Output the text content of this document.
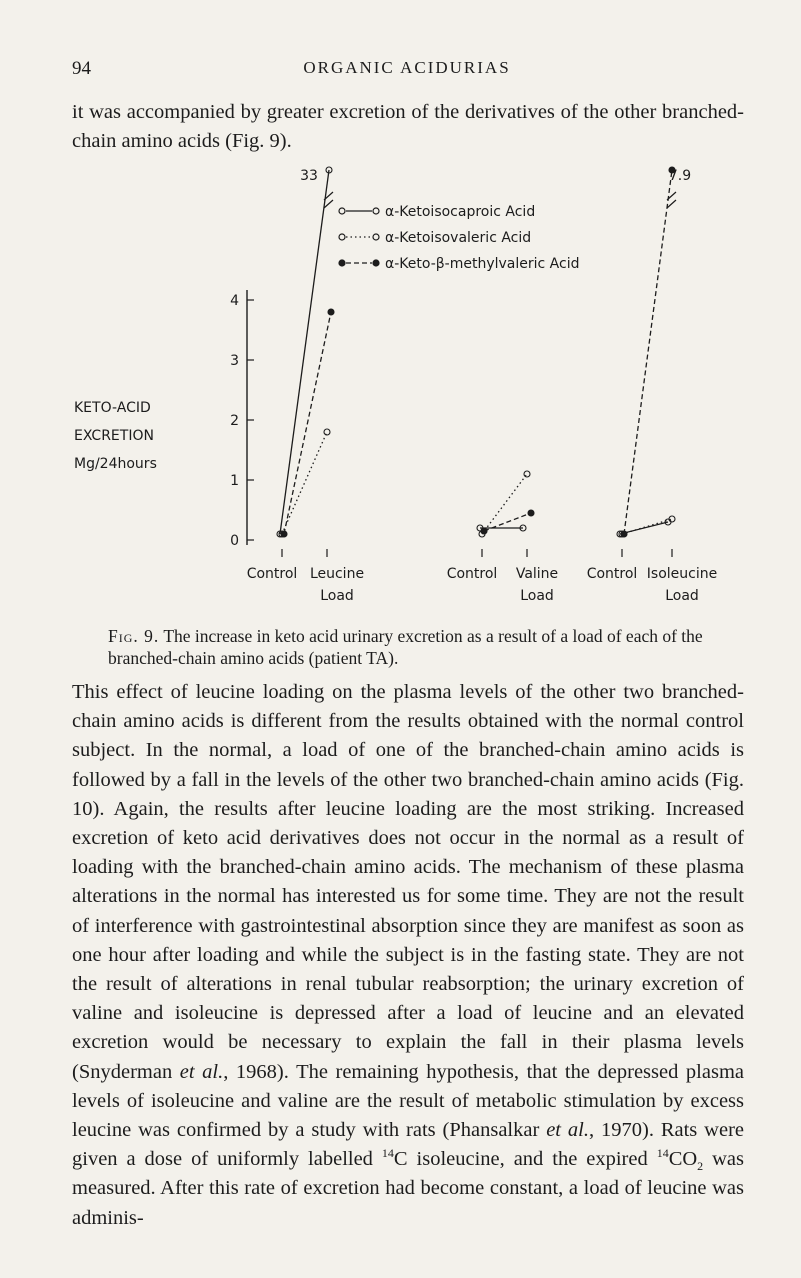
94	ORGANIC ACIDURIAS

it was accompanied by greater excretion of the derivatives of the other branched-chain amino acids (Fig. 9).

KETO-ACID
EXCRETION
Mg/24hours
0
1
2
3
4
α-Ketoisocaproic Acid
α-Ketoisovaleric Acid
α-Keto-β-methylvaleric Acid
Control Leucine
Load
Control Valine
Load
Control Isoleucine
Load
33	7.9

Fig. 9. The increase in keto acid urinary excretion as a result of a load of each of the branched-chain amino acids (patient TA).

This effect of leucine loading on the plasma levels of the other two branched-chain amino acids is different from the results obtained with the normal control subject. In the normal, a load of one of the branched-chain amino acids is followed by a fall in the levels of the other two branched-chain amino acids (Fig. 10). Again, the results after leucine loading are the most striking. Increased excretion of keto acid derivatives does not occur in the normal as a result of loading with the branched-chain amino acids. The mechanism of these plasma alterations in the normal has interested us for some time. They are not the result of interference with gastrointestinal absorption since they are manifest as soon as one hour after loading and while the subject is in the fasting state. They are not the result of alterations in renal tubular reabsorption; the urinary excretion of valine and isoleucine is depressed after a load of leucine and an elevated excretion would be necessary to explain the fall in their plasma levels (Snyderman et al., 1968). The remaining hypothesis, that the depressed plasma levels of isoleucine and valine are the result of metabolic stimulation by excess leucine was confirmed by a study with rats (Phansalkar et al., 1970). Rats were given a dose of uniformly labelled $^{14}$C isoleucine, and the expired $^{14}CO_2$ was measured. After this rate of excretion had become constant, a load of leucine was adminis-
